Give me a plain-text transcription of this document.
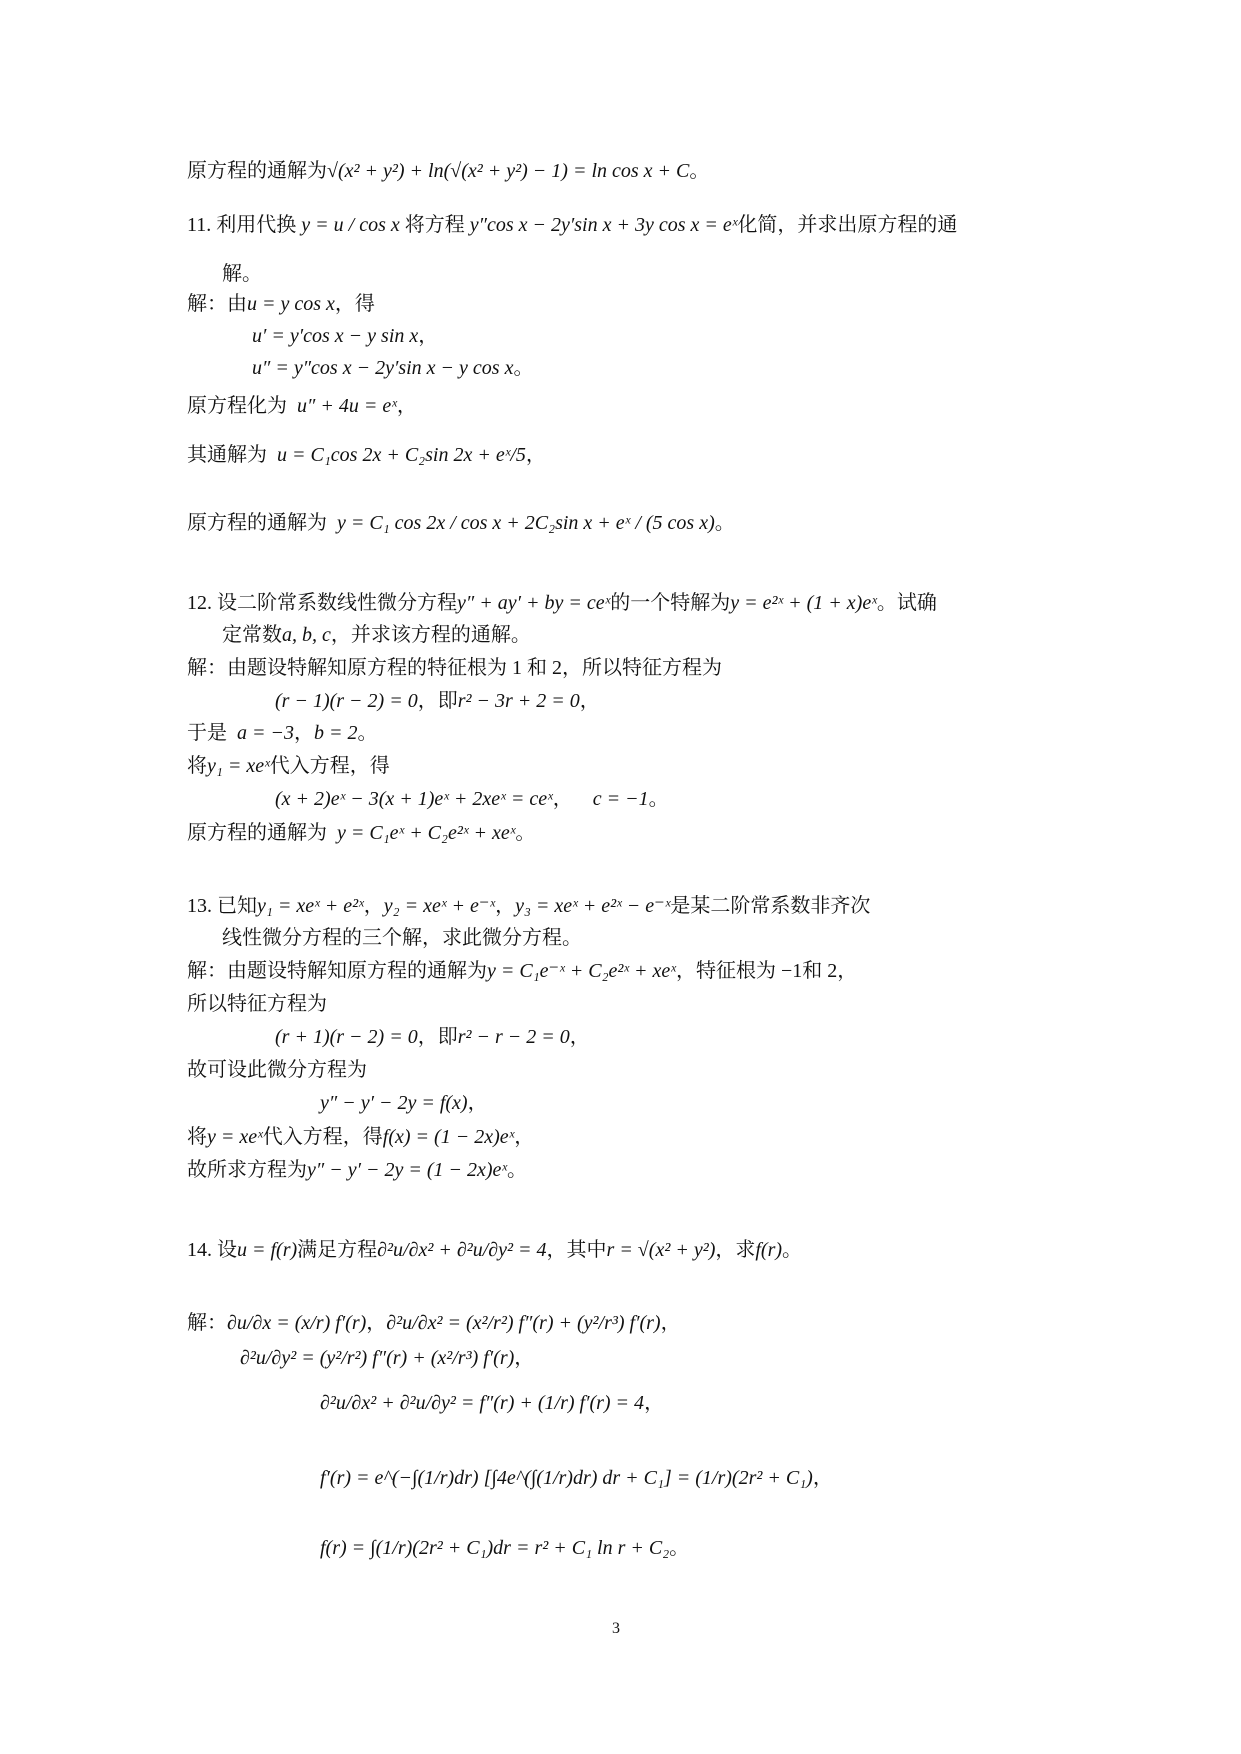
原方程的通解为√(x² + y²) + ln(√(x² + y²) − 1) = ln cos x + C。

11. 利用代换 y = u / cos x 将方程 y″cos x − 2y′sin x + 3y cos x = eˣ化简，并求出原方程的通

解。

解：由u = y cos x，得

u′ = y′cos x − y sin x，

u″ = y″cos x − 2y′sin x − y cos x。

原方程化为 u″ + 4u = eˣ，

其通解为 u = C₁cos 2x + C₂sin 2x + eˣ/5，

原方程的通解为 y = C₁ cos 2x / cos x + 2C₂sin x + eˣ / (5 cos x)。

12. 设二阶常系数线性微分方程y″ + ay′ + by = ceˣ的一个特解为y = e²ˣ + (1 + x)eˣ。试确

定常数a, b, c，并求该方程的通解。

解：由题设特解知原方程的特征根为 1 和 2，所以特征方程为

(r − 1)(r − 2) = 0，即r² − 3r + 2 = 0，

于是 a = −3，b = 2。

将y₁ = xeˣ代入方程，得

(x + 2)eˣ − 3(x + 1)eˣ + 2xeˣ = ceˣ， c = −1。

原方程的通解为 y = C₁eˣ + C₂e²ˣ + xeˣ。

13. 已知y₁ = xeˣ + e²ˣ，y₂ = xeˣ + e⁻ˣ，y₃ = xeˣ + e²ˣ − e⁻ˣ是某二阶常系数非齐次

线性微分方程的三个解，求此微分方程。

解：由题设特解知原方程的通解为y = C₁e⁻ˣ + C₂e²ˣ + xeˣ，特征根为 −1和 2，

所以特征方程为

(r + 1)(r − 2) = 0，即r² − r − 2 = 0，

故可设此微分方程为

y″ − y′ − 2y = f(x)，

将y = xeˣ代入方程，得f(x) = (1 − 2x)eˣ，

故所求方程为y″ − y′ − 2y = (1 − 2x)eˣ。

14. 设u = f(r)满足方程∂²u/∂x² + ∂²u/∂y² = 4，其中r = √(x² + y²)，求f(r)。

解：∂u/∂x = (x/r) f′(r)，∂²u/∂x² = (x²/r²) f″(r) + (y²/r³) f′(r)，

∂²u/∂y² = (y²/r²) f″(r) + (x²/r³) f′(r)，

∂²u/∂x² + ∂²u/∂y² = f″(r) + (1/r) f′(r) = 4，

f′(r) = e^(−∫(1/r)dr) [∫4e^(∫(1/r)dr) dr + C₁] = (1/r)(2r² + C₁)，

f(r) = ∫(1/r)(2r² + C₁)dr = r² + C₁ ln r + C₂。

3
